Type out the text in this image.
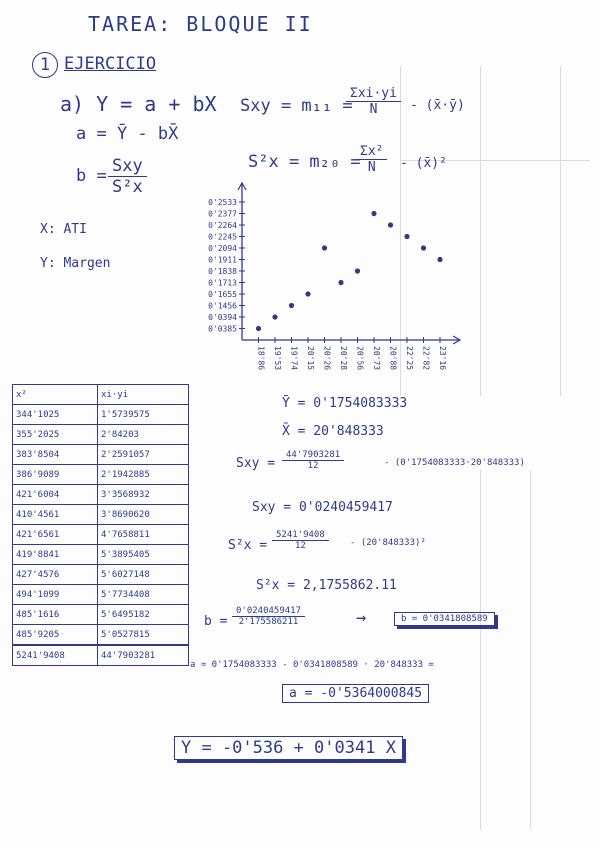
TAREA: BLOQUE II
1 EJERCICIO
a) Y = a + bX
a = Ȳ - bX̄
b = Sxy
S²x
Sxy = m₁₁ =
Σxi·yi
N	- (x̄·ȳ)
S²x = m₂₀ =
$\frac{\text{Σx²}}{N}$ - (x̄)²
X: ATI
Y: Margen
0'0385
0'0394
0'1456
0'1655
0'1713
0'1838
0'1911
0'2094
0'2245
0'2264
0'2377
0'2533
18'86 19'53 19'74 20'15 20'26 20'28 20'56 20'73 20'88 22'25 22'82 23'16
x²	xi·yi
344'1025	1'5739575
355'2025	2'84203
383'8504	2'2591057
386'9089	2'1942885
421'6004	3'3568932
410'4561	3'8690620
421'6561	4'7658811
419'8841	5'3895405
427'4576	5'6027148
494'1099	5'7734408
485'1616	5'6495182
485'9205	5'0527815
5241'9408	44'7903281
Ȳ = 0'1754083333
X̄ = 20'848333
Sxy = $\frac{44'7903281}{12}$	- (0'1754083333·20'848333)
Sxy = 0'0240459417
$S^2x = \frac{5241'9408}{12} - (20'848333)^2$
S²x = 2,1755862.11
$b = \frac{0'0240459417}{2'175586211}$	→	b = 0'0341808589
a = 0'1754083333 - 0'0341808589 · 20'848333 =
a = -0'5364000845
Y = -0'536 + 0'0341 X
